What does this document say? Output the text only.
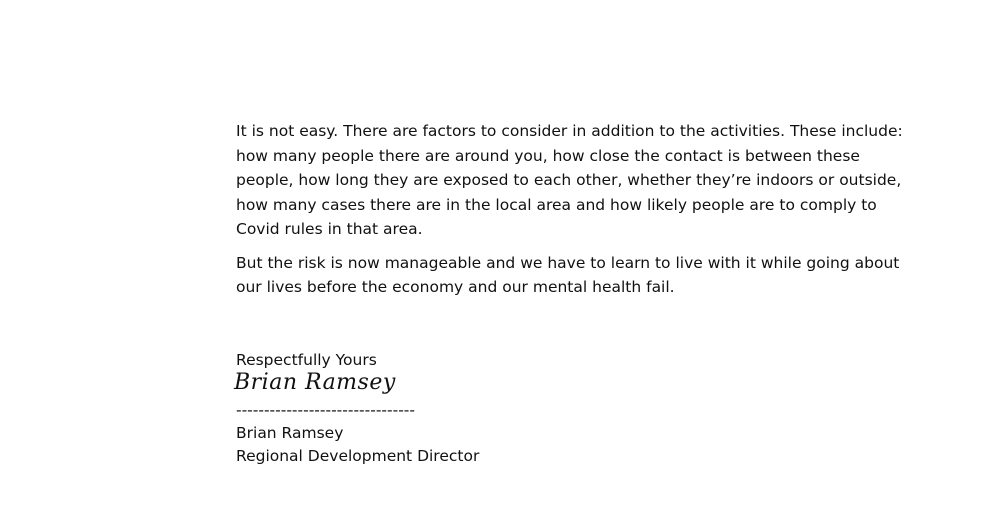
It is not easy. There are factors to consider in addition to the activities. These include: how many people there are around you, how close the contact is between these people, how long they are exposed to each other, whether they’re indoors or outside, how many cases there are in the local area and how likely people are to comply to Covid rules in that area.

But the risk is now manageable and we have to learn to live with it while going about our lives before the economy and our mental health fail.

Respectfully Yours
Brian Ramsey
--------------------------------
Brian Ramsey
Regional Development Director
